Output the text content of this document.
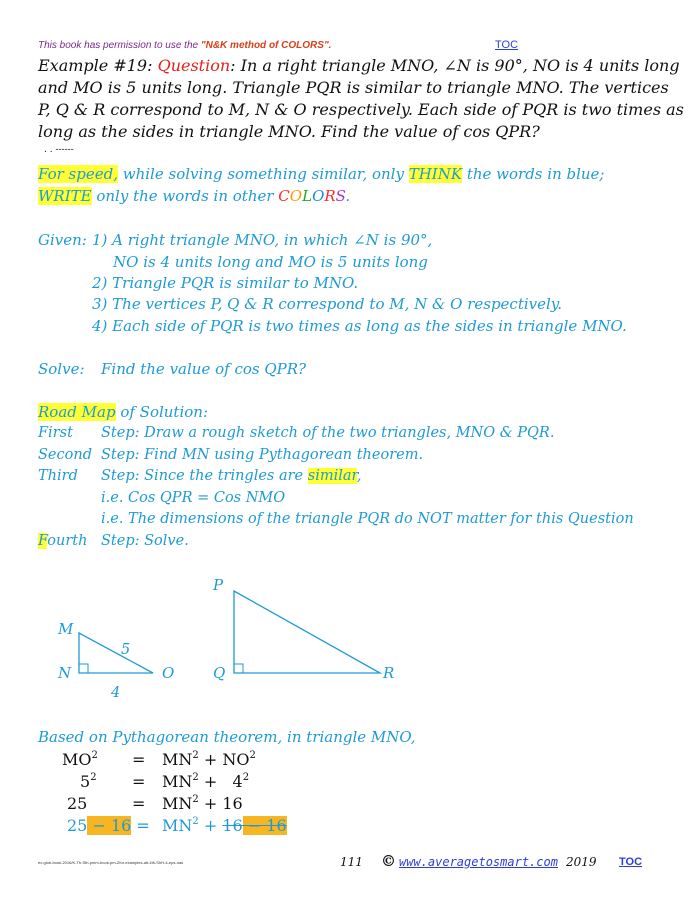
This book has permission to use the "N&K method of COLORS".	TOC
Example #19: Question: In a right triangle MNO, ∠N is 90°, NO is 4 units long
and MO is 5 units long. Triangle PQR is similar to triangle MNO. The vertices
P, Q & R correspond to M, N & O respectively. Each side of PQR is two times as
long as the sides in triangle MNO. Find the value of cos QPR?
. . ------
For speed, while solving something similar, only THINK the words in blue;
WRITE only the words in other COLORS.
Given: 1) A right triangle MNO, in which ∠N is 90°,
NO is 4 units long and MO is 5 units long
2) Triangle PQR is similar to MNO.
3) The vertices P, Q & R correspond to M, N & O respectively.
4) Each side of PQR is two times as long as the sides in triangle MNO.
Solve: Find the value of cos QPR?
Road Map of Solution:
First Step: Draw a rough sketch of the two triangles, MNO & PQR.
Second Step: Find MN using Pythagorean theorem.
Third Step: Since the tringles are similar,
i.e. Cos QPR = Cos NMO
i.e. The dimensions of the triangle PQR do NOT matter for this Question
Fourth Step: Solve.
M
N	O
5
4
P
Q	R
Based on Pythagorean theorem, in triangle MNO,
$MO^2 = MN^2 + NO^2$
$5^2 = MN^2 + 4^2$
25	= $MN^2 + 16$
$25 - 16 = MN^2 + 16 - 16$
ex-glob-book-2016/K-Th-Sth-pmm-book-pm-Zfor-examples-alt-4th-ShH-4-eps-nas	111 © www.averagetosmart.com 2019 TOC
